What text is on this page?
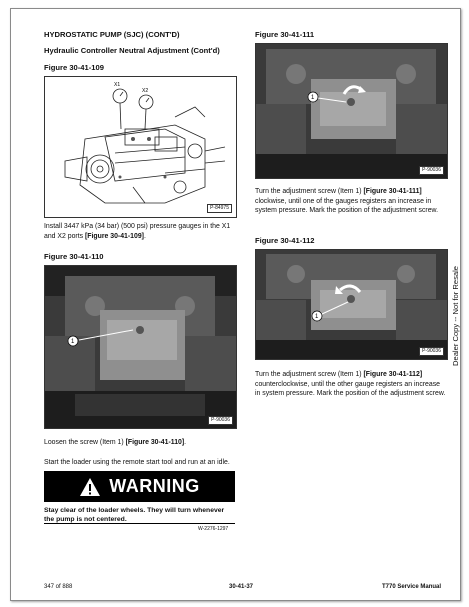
HYDROSTATIC PUMP (SJC) (CONT'D)
Hydraulic Controller Neutral Adjustment (Cont'd)
Figure 30-41-109
X1
X2
P-84975
Install 3447 kPa (34 bar) (500 psi) pressure gauges in the X1 and X2 ports [Figure 30-41-109].
Figure 30-41-110
1
P-90036
Loosen the screw (Item 1) [Figure 30-41-110].
Start the loader using the remote start tool and run at an idle.
WARNING
Stay clear of the loader wheels. They will turn whenever the pump is not centered.
W-2276-1297
Figure 30-41-111
1
P-90036
Turn the adjustment screw (Item 1) [Figure 30-41-111] clockwise, until one of the gauges registers an increase in system pressure. Mark the position of the adjustment screw.
Figure 30-41-112
1
P-90036
Turn the adjustment screw (Item 1) [Figure 30-41-112] counterclockwise, until the other gauge registers an increase in system pressure. Mark the position of the adjustment screw.
Dealer Copy -- Not for Resale
347 of 888	30-41-37	T770 Service Manual
